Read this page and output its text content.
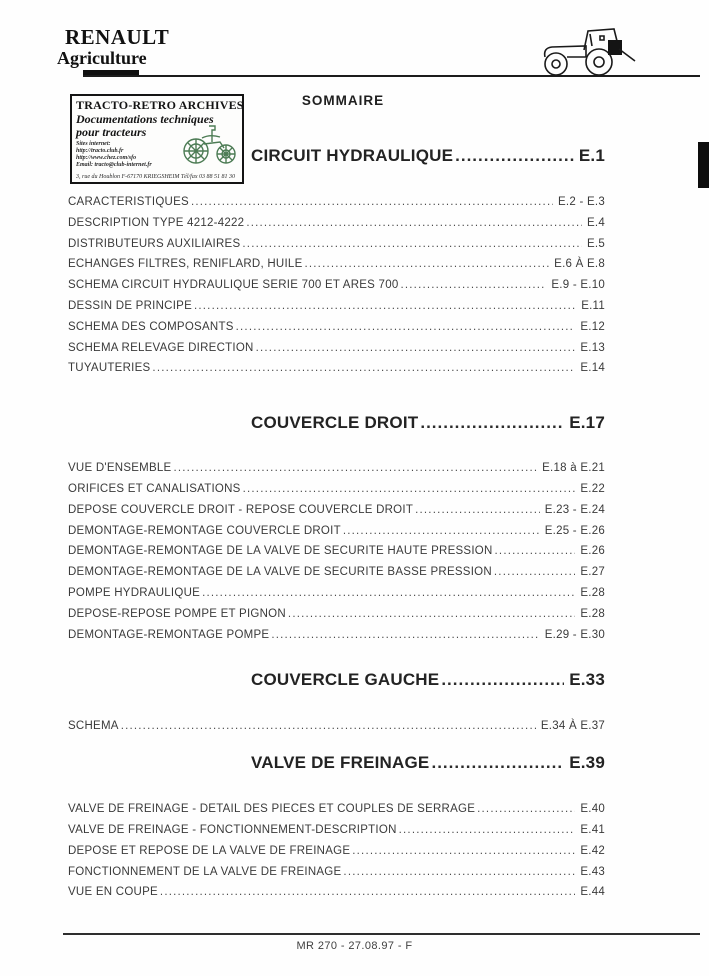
RENAULT
Agriculture
SOMMAIRE
TRACTO-RETRO ARCHIVES
Documentations techniques
pour tracteurs
Sites internet:
http://tracto.club.fr
http://www.chez.com/sfo
Email: tracto@club-internet.fr
3, rue du Houblon F-67170 KRIEGSHEIM Tél/fax 03 88 51 81 30
CIRCUIT HYDRAULIQUE .....	E.1
CARACTERISTIQUES .....	E.2 - E.3
DESCRIPTION TYPE 4212-4222 .....	E.4
DISTRIBUTEURS AUXILIAIRES .....	E.5
ECHANGES FILTRES, RENIFLARD, HUILE .....	E.6 À E.8
SCHEMA CIRCUIT HYDRAULIQUE SERIE 700 ET ARES 700 .....	E.9 - E.10
DESSIN DE PRINCIPE .....	E.11
SCHEMA DES COMPOSANTS .....	E.12
SCHEMA RELEVAGE DIRECTION .....	E.13
TUYAUTERIES .....	E.14
COUVERCLE DROIT .....	E.17
VUE D'ENSEMBLE .....	E.18 à E.21
ORIFICES ET CANALISATIONS .....	E.22
DEPOSE COUVERCLE DROIT - REPOSE COUVERCLE DROIT .....	E.23 - E.24
DEMONTAGE-REMONTAGE COUVERCLE DROIT .....	E.25 - E.26
DEMONTAGE-REMONTAGE DE LA VALVE DE SECURITE HAUTE PRESSION .....	E.26
DEMONTAGE-REMONTAGE DE LA VALVE DE SECURITE BASSE PRESSION .....	E.27
POMPE HYDRAULIQUE .....	E.28
DEPOSE-REPOSE POMPE ET PIGNON .....	E.28
DEMONTAGE-REMONTAGE POMPE .....	E.29 - E.30
COUVERCLE GAUCHE .....	E.33
SCHEMA .....	E.34 À E.37
VALVE DE FREINAGE .....	E.39
VALVE DE FREINAGE - DETAIL DES PIECES ET COUPLES DE SERRAGE .....	E.40
VALVE DE FREINAGE - FONCTIONNEMENT-DESCRIPTION .....	E.41
DEPOSE ET REPOSE DE LA VALVE DE FREINAGE .....	E.42
FONCTIONNEMENT DE LA VALVE DE FREINAGE .....	E.43
VUE EN COUPE .....	E.44
MR 270 - 27.08.97 - F
